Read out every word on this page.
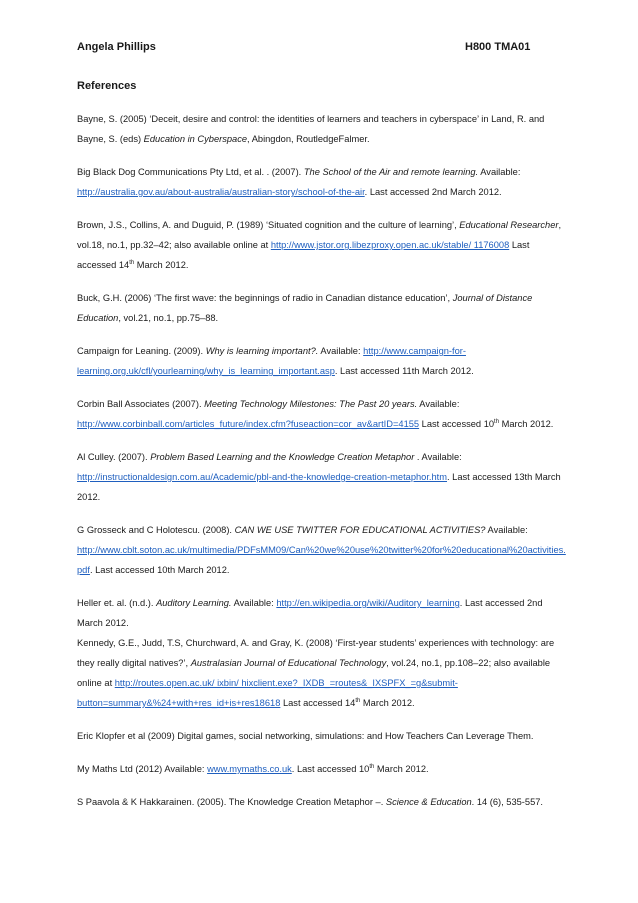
Angela Phillips	H800 TMA01
References
Bayne, S. (2005) ‘Deceit, desire and control: the identities of learners and teachers in cyberspace’ in Land, R. and Bayne, S. (eds) Education in Cyberspace, Abingdon, RoutledgeFalmer.
Big Black Dog Communications Pty Ltd, et al. . (2007). The School of the Air and remote learning. Available: http://australia.gov.au/about-australia/australian-story/school-of-the-air. Last accessed 2nd March 2012.
Brown, J.S., Collins, A. and Duguid, P. (1989) ‘Situated cognition and the culture of learning’, Educational Researcher, vol.18, no.1, pp.32–42; also available online at http://www.jstor.org.libezproxy.open.ac.uk/stable/ 1176008 Last accessed 14th March 2012.
Buck, G.H. (2006) ‘The first wave: the beginnings of radio in Canadian distance education’, Journal of Distance Education, vol.21, no.1, pp.75–88.
Campaign for Leaning. (2009). Why is learning important?. Available: http://www.campaign-for-learning.org.uk/cfl/yourlearning/why_is_learning_important.asp. Last accessed 11th March 2012.
Corbin Ball Associates (2007). Meeting Technology Milestones: The Past 20 years. Available: http://www.corbinball.com/articles_future/index.cfm?fuseaction=cor_av&artID=4155 Last accessed 10th March 2012.
Al Culley. (2007). Problem Based Learning and the Knowledge Creation Metaphor . Available: http://instructionaldesign.com.au/Academic/pbl-and-the-knowledge-creation-metaphor.htm. Last accessed 13th March 2012.
G Grosseck and C Holotescu. (2008). CAN WE USE TWITTER FOR EDUCATIONAL ACTIVITIES? Available: http://www.cblt.soton.ac.uk/multimedia/PDFsMM09/Can%20we%20use%20twitter%20for%20educational%20activities.pdf. Last accessed 10th March 2012.
Heller et. al. (n.d.). Auditory Learning. Available: http://en.wikipedia.org/wiki/Auditory_learning. Last accessed 2nd March 2012.
Kennedy, G.E., Judd, T.S, Churchward, A. and Gray, K. (2008) ‘First-year students’ experiences with technology: are they really digital natives?’, Australasian Journal of Educational Technology, vol.24, no.1, pp.108–22; also available online at http://routes.open.ac.uk/ ixbin/ hixclient.exe?_IXDB_=routes&_IXSPFX_=g&submit-button=summary&%24+with+res_id+is+res18618 Last accessed 14th March 2012.
Eric Klopfer et al (2009) Digital games, social networking, simulations: and How Teachers Can Leverage Them.
My Maths Ltd (2012) Available: www.mymaths.co.uk. Last accessed 10th March 2012.
S Paavola & K Hakkarainen. (2005). The Knowledge Creation Metaphor –. Science & Education. 14 (6), 535-557.
